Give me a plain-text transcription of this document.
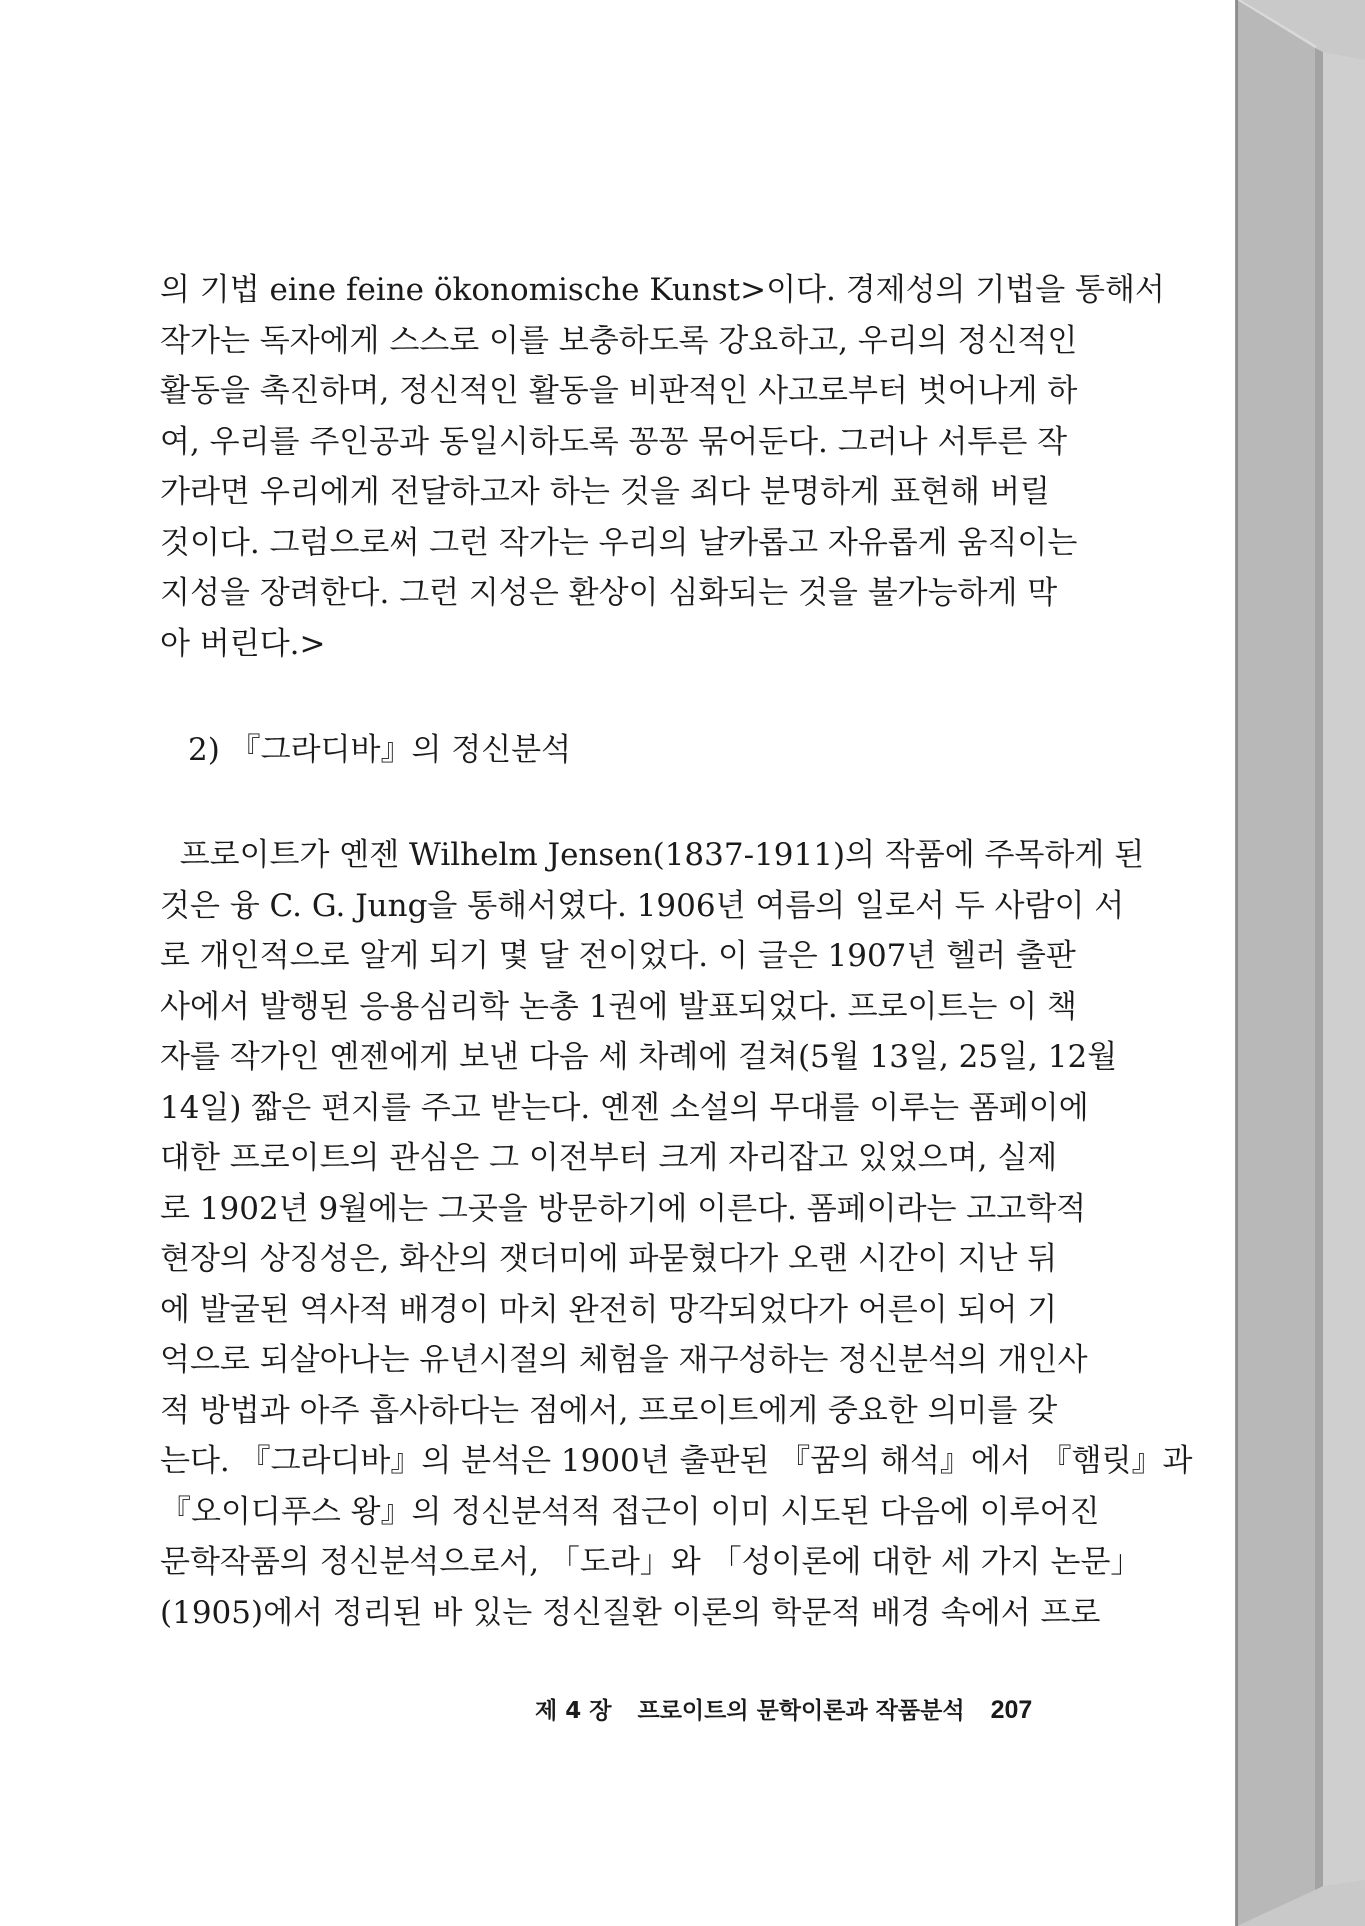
의 기법 eine feine ökonomische Kunst>이다. 경제성의 기법을 통해서
작가는 독자에게 스스로 이를 보충하도록 강요하고, 우리의 정신적인
활동을 촉진하며, 정신적인 활동을 비판적인 사고로부터 벗어나게 하
여, 우리를 주인공과 동일시하도록 꽁꽁 묶어둔다. 그러나 서투른 작
가라면 우리에게 전달하고자 하는 것을 죄다 분명하게 표현해 버릴
것이다. 그럼으로써 그런 작가는 우리의 날카롭고 자유롭게 움직이는
지성을 장려한다. 그런 지성은 환상이 심화되는 것을 불가능하게 막
아 버린다.>
2) 『그라디바』의 정신분석
프로이트가 옌젠 Wilhelm Jensen(1837-1911)의 작품에 주목하게 된
것은 융 C. G. Jung을 통해서였다. 1906년 여름의 일로서 두 사람이 서
로 개인적으로 알게 되기 몇 달 전이었다. 이 글은 1907년 헬러 출판
사에서 발행된 응용심리학 논총 1권에 발표되었다. 프로이트는 이 책
자를 작가인 옌젠에게 보낸 다음 세 차례에 걸쳐(5월 13일, 25일, 12월
14일) 짧은 편지를 주고 받는다. 옌젠 소설의 무대를 이루는 폼페이에
대한 프로이트의 관심은 그 이전부터 크게 자리잡고 있었으며, 실제
로 1902년 9월에는 그곳을 방문하기에 이른다. 폼페이라는 고고학적
현장의 상징성은, 화산의 잿더미에 파묻혔다가 오랜 시간이 지난 뒤
에 발굴된 역사적 배경이 마치 완전히 망각되었다가 어른이 되어 기
억으로 되살아나는 유년시절의 체험을 재구성하는 정신분석의 개인사
적 방법과 아주 흡사하다는 점에서, 프로이트에게 중요한 의미를 갖
는다. 『그라디바』의 분석은 1900년 출판된 『꿈의 해석』에서 『햄릿』과
『오이디푸스 왕』의 정신분석적 접근이 이미 시도된 다음에 이루어진
문학작품의 정신분석으로서, 「도라」와 「성이론에 대한 세 가지 논문」
(1905)에서 정리된 바 있는 정신질환 이론의 학문적 배경 속에서 프로
제 4 장 프로이트의 문학이론과 작품분석 207
